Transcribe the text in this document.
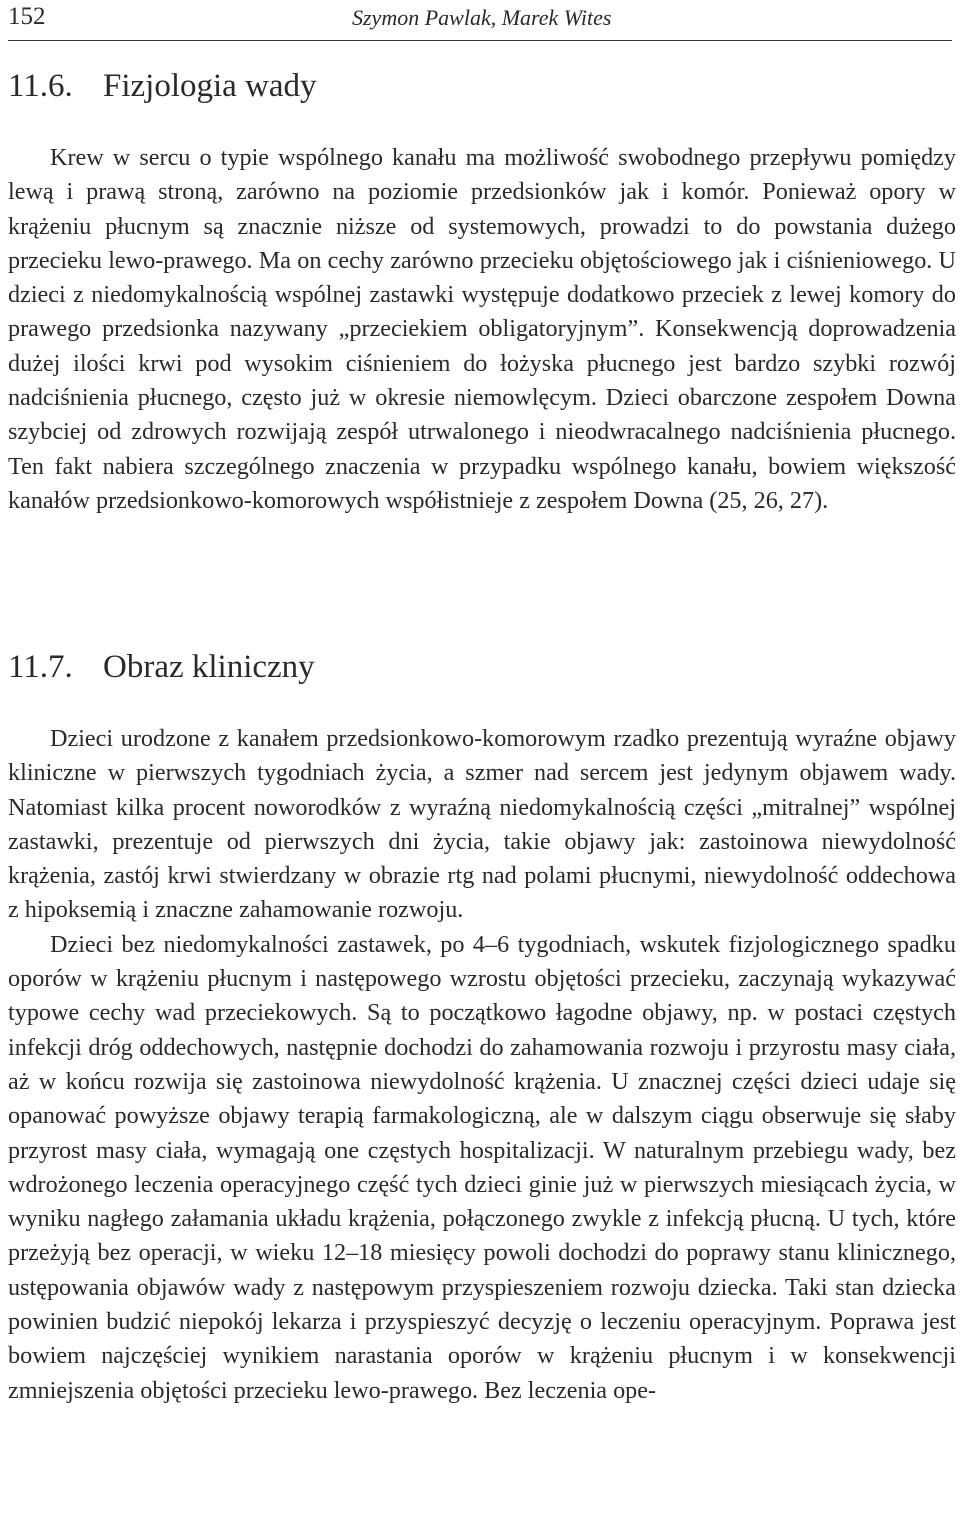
152	Szymon Pawlak, Marek Wites
11.6. Fizjologia wady

Krew w sercu o typie wspólnego kanału ma możliwość swobodnego przepływu pomiędzy lewą i prawą stroną, zarówno na poziomie przedsionków jak i komór. Ponieważ opory w krążeniu płucnym są znacznie niższe od systemowych, prowadzi to do powstania dużego przecieku lewo-prawego. Ma on cechy zarówno przecieku objętościowego jak i ciśnieniowego. U dzieci z niedomykalnością wspólnej zastawki występuje dodatkowo przeciek z lewej komory do prawego przedsionka nazywany „przeciekiem obligatoryjnym”. Konsekwencją doprowadzenia dużej ilości krwi pod wysokim ciśnieniem do łożyska płucnego jest bardzo szybki rozwój nadciśnienia płucnego, często już w okresie niemowlęcym. Dzieci obarczone zespołem Downa szybciej od zdrowych rozwijają zespół utrwalonego i nieodwracalnego nadciśnienia płucnego. Ten fakt nabiera szczególnego znaczenia w przypadku wspólnego kanału, bowiem większość kanałów przedsionkowo-komorowych współistnieje z zespołem Downa (25, 26, 27).

11.7. Obraz kliniczny

Dzieci urodzone z kanałem przedsionkowo-komorowym rzadko prezentują wyraźne objawy kliniczne w pierwszych tygodniach życia, a szmer nad sercem jest jedynym objawem wady. Natomiast kilka procent noworodków z wyraźną niedomykalnością części „mitralnej” wspólnej zastawki, prezentuje od pierwszych dni życia, takie objawy jak: zastoinowa niewydolność krążenia, zastój krwi stwierdzany w obrazie rtg nad polami płucnymi, niewydolność oddechowa z hipoksemią i znaczne zahamowanie rozwoju.

Dzieci bez niedomykalności zastawek, po 4–6 tygodniach, wskutek fizjologicznego spadku oporów w krążeniu płucnym i następowego wzrostu objętości przecieku, zaczynają wykazywać typowe cechy wad przeciekowych. Są to początkowo łagodne objawy, np. w postaci częstych infekcji dróg oddechowych, następnie dochodzi do zahamowania rozwoju i przyrostu masy ciała, aż w końcu rozwija się zastoinowa niewydolność krążenia. U znacznej części dzieci udaje się opanować powyższe objawy terapią farmakologiczną, ale w dalszym ciągu obserwuje się słaby przyrost masy ciała, wymagają one częstych hospitalizacji. W naturalnym przebiegu wady, bez wdrożonego leczenia operacyjnego część tych dzieci ginie już w pierwszych miesiącach życia, w wyniku nagłego załamania układu krążenia, połączonego zwykle z infekcją płucną. U tych, które przeżyją bez operacji, w wieku 12–18 miesięcy powoli dochodzi do poprawy stanu klinicznego, ustępowania objawów wady z następowym przyspieszeniem rozwoju dziecka. Taki stan dziecka powinien budzić niepokój lekarza i przyspieszyć decyzję o leczeniu operacyjnym. Poprawa jest bowiem najczęściej wynikiem narastania oporów w krążeniu płucnym i w konsekwencji zmniejszenia objętości przecieku lewo-prawego. Bez leczenia ope-
